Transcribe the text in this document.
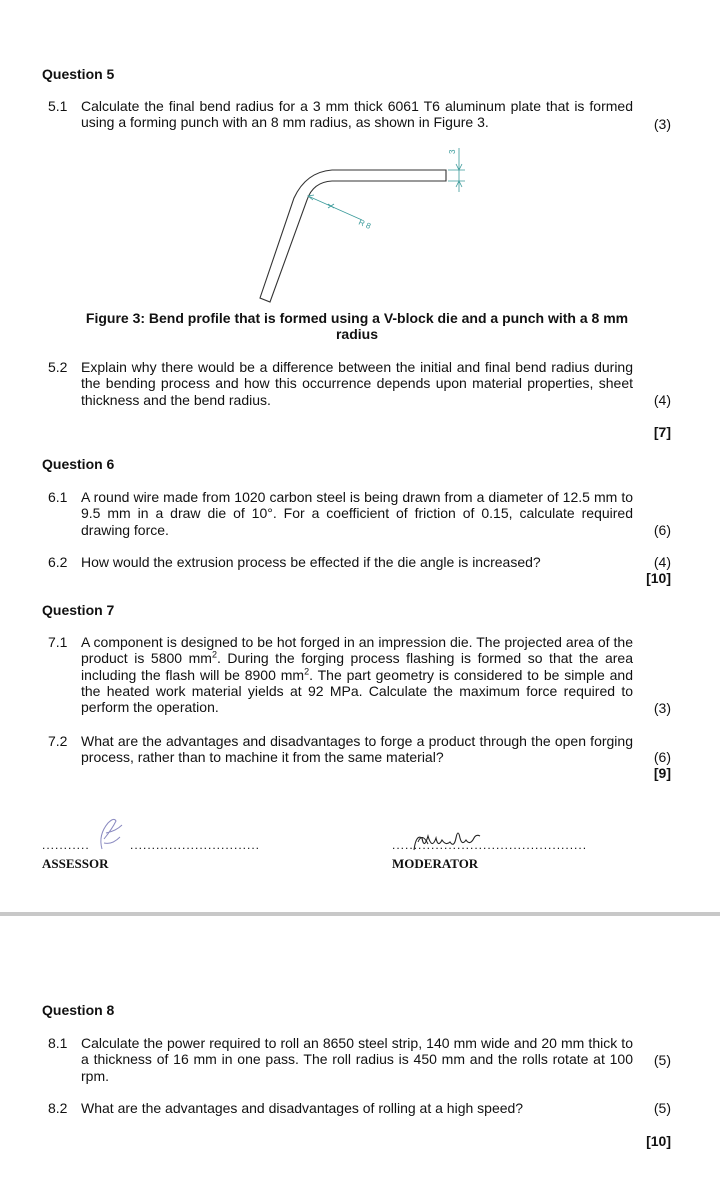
Question 5
5.1 Calculate the final bend radius for a 3 mm thick 6061 T6 aluminum plate that is formed using a forming punch with an 8 mm radius, as shown in Figure 3.	(3)
3
R 8
Figure 3: Bend profile that is formed using a V-block die and a punch with a 8 mm radius
5.2 Explain why there would be a difference between the initial and final bend radius during the bending process and how this occurrence depends upon material properties, sheet thickness and the bend radius.	(4)
[7]
Question 6
6.1 A round wire made from 1020 carbon steel is being drawn from a diameter of 12.5 mm to 9.5 mm in a draw die of 10°. For a coefficient of friction of 0.15, calculate required drawing force.	(6)
6.2 How would the extrusion process be effected if the die angle is increased?	(4)
[10]
Question 7
7.1 A component is designed to be hot forged in an impression die. The projected area of the product is 5800 $mm^2$. During the forging process flashing is formed so that the area including the flash will be 8900 $mm^2$. The part geometry is considered to be simple and the heated work material yields at 92 MPa. Calculate the maximum force required to perform the operation.	(3)
7.2 What are the advantages and disadvantages to forge a product through the open forging process, rather than to machine it from the same material?	(6)
[9]
...........	..............................
ASSESSOR
.............................................
MODERATOR
Question 8
8.1 Calculate the power required to roll an 8650 steel strip, 140 mm wide and 20 mm thick to a thickness of 16 mm in one pass. The roll radius is 450 mm and the rolls rotate at 100 rpm.

(5)
8.2 What are the advantages and disadvantages of rolling at a high speed?	(5)
[10]
